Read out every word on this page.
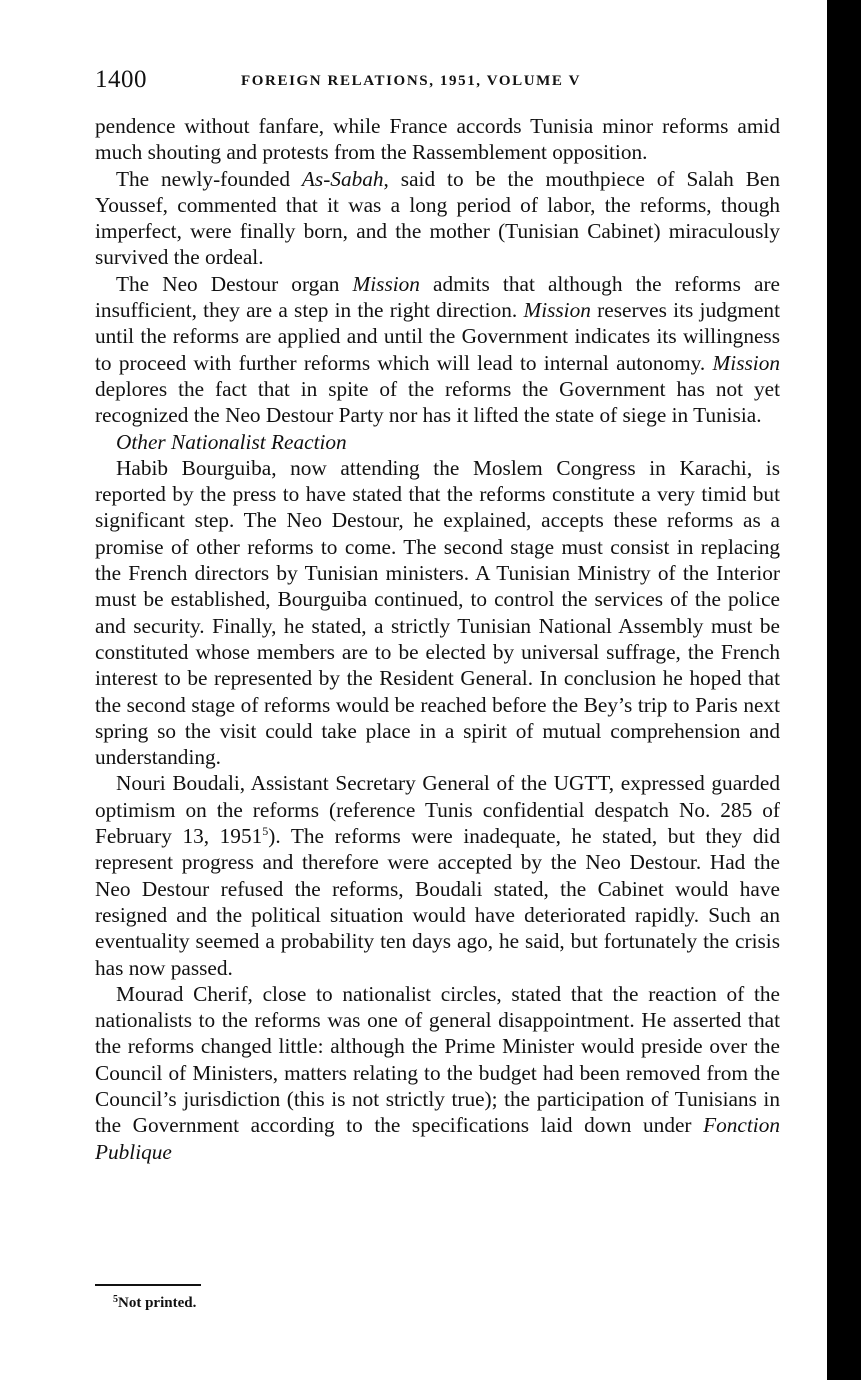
1400	FOREIGN RELATIONS, 1951, VOLUME V

pendence without fanfare, while France accords Tunisia minor reforms amid much shouting and protests from the Rassemblement opposition.

The newly-founded As-Sabah, said to be the mouthpiece of Salah Ben Youssef, commented that it was a long period of labor, the reforms, though imperfect, were finally born, and the mother (Tunisian Cabinet) miraculously survived the ordeal.

The Neo Destour organ Mission admits that although the reforms are insufficient, they are a step in the right direction. Mission reserves its judgment until the reforms are applied and until the Government indicates its willingness to proceed with further reforms which will lead to internal autonomy. Mission deplores the fact that in spite of the reforms the Government has not yet recognized the Neo Destour Party nor has it lifted the state of siege in Tunisia.

Other Nationalist Reaction

Habib Bourguiba, now attending the Moslem Congress in Karachi, is reported by the press to have stated that the reforms constitute a very timid but significant step. The Neo Destour, he explained, accepts these reforms as a promise of other reforms to come. The second stage must consist in replacing the French directors by Tunisian ministers. A Tunisian Ministry of the Interior must be established, Bourguiba continued, to control the services of the police and security. Finally, he stated, a strictly Tunisian National Assembly must be constituted whose members are to be elected by universal suffrage, the French interest to be represented by the Resident General. In conclusion he hoped that the second stage of reforms would be reached before the Bey’s trip to Paris next spring so the visit could take place in a spirit of mutual comprehension and understanding.

Nouri Boudali, Assistant Secretary General of the UGTT, expressed guarded optimism on the reforms (reference Tunis confidential despatch No. 285 of February 13, 1951$^5$). The reforms were inadequate, he stated, but they did represent progress and therefore were accepted by the Neo Destour. Had the Neo Destour refused the reforms, Boudali stated, the Cabinet would have resigned and the political situation would have deteriorated rapidly. Such an eventuality seemed a probability ten days ago, he said, but fortunately the crisis has now passed.

Mourad Cherif, close to nationalist circles, stated that the reaction of the nationalists to the reforms was one of general disappointment. He asserted that the reforms changed little: although the Prime Minister would preside over the Council of Ministers, matters relating to the budget had been removed from the Council’s jurisdiction (this is not strictly true); the participation of Tunisians in the Government according to the specifications laid down under Fonction Publique

$^5$Not printed.
